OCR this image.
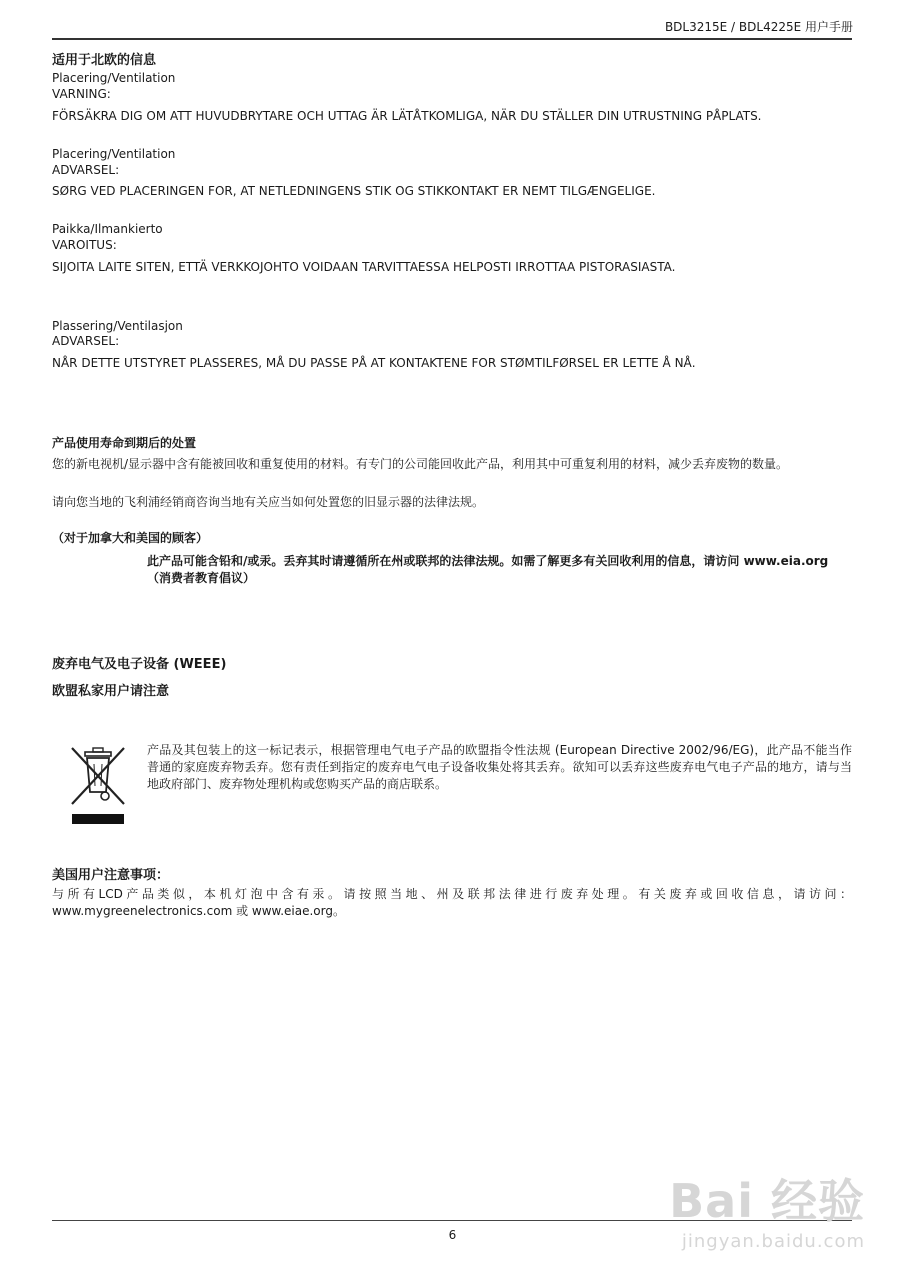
BDL3215E / BDL4225E 用户手册
适用于北欧的信息
Placering/Ventilation
VARNING:
FÖRSÄKRA DIG OM ATT HUVUDBRYTARE OCH UTTAG ÄR LÄTÅTKOMLIGA, NÄR DU STÄLLER DIN UTRUSTNING PÅPLATS.
Placering/Ventilation
ADVARSEL:
SØRG VED PLACERINGEN FOR, AT NETLEDNINGENS STIK OG STIKKONTAKT ER NEMT TILGÆNGELIGE.
Paikka/Ilmankierto
VAROITUS:
SIJOITA LAITE SITEN, ETTÄ VERKKOJOHTO VOIDAAN TARVITTAESSA HELPOSTI IRROTTAA PISTORASIASTA.
Plassering/Ventilasjon
ADVARSEL:
NÅR DETTE UTSTYRET PLASSERES, MÅ DU PASSE PÅ AT KONTAKTENE FOR STØMTILFØRSEL ER LETTE Å NÅ.
产品使用寿命到期后的处置
您的新电视机/显示器中含有能被回收和重复使用的材料。有专门的公司能回收此产品，利用其中可重复利用的材料，减少丢弃废物的数量。
请向您当地的飞利浦经销商咨询当地有关应当如何处置您的旧显示器的法律法规。
（对于加拿大和美国的顾客）
此产品可能含铅和/或汞。丢弃其时请遵循所在州或联邦的法律法规。如需了解更多有关回收利用的信息，请访问 www.eia.org（消费者教育倡议）
废弃电气及电子设备 (WEEE)
欧盟私家用户请注意
产品及其包装上的这一标记表示，根据管理电气电子产品的欧盟指令性法规 (European Directive 2002/96/EG)，此产品不能当作普通的家庭废弃物丢弃。您有责任到指定的废弃电气电子设备收集处将其丢弃。欲知可以丢弃这些废弃电气电子产品的地方，请与当地政府部门、废弃物处理机构或您购买产品的商店联系。
美国用户注意事项：
与所有LCD产品类似，本机灯泡中含有汞。请按照当地、州及联邦法律进行废弃处理。有关废弃或回收信息，请访问：www.mygreenelectronics.com 或 www.eiae.org。
6
Bai 经验
jingyan.baidu.com
